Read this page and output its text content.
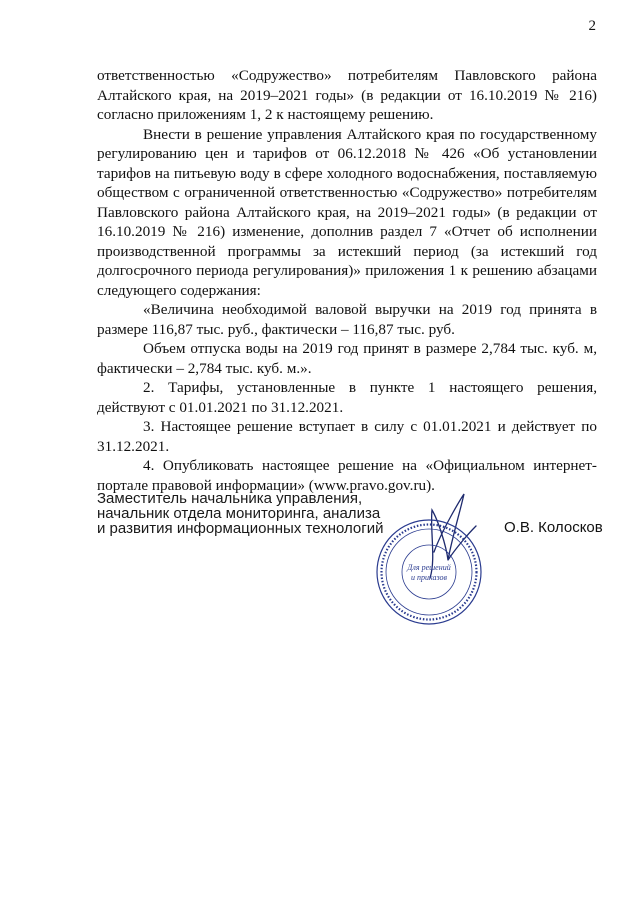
2

ответственностью «Содружество» потребителям Павловского района Алтайского края, на 2019–2021 годы» (в редакции от 16.10.2019 № 216) согласно приложениям 1, 2 к настоящему решению.

Внести в решение управления Алтайского края по государственному регулированию цен и тарифов от 06.12.2018 № 426 «Об установлении тарифов на питьевую воду в сфере холодного водоснабжения, поставляемую обществом с ограниченной ответственностью «Содружество» потребителям Павловского района Алтайского края, на 2019–2021 годы» (в редакции от 16.10.2019 № 216) изменение, дополнив раздел 7 «Отчет об исполнении производственной программы за истекший период (за истекший год долгосрочного периода регулирования)» приложения 1 к решению абзацами следующего содержания:

«Величина необходимой валовой выручки на 2019 год принята в размере 116,87 тыс. руб., фактически – 116,87 тыс. руб.

Объем отпуска воды на 2019 год принят в размере 2,784 тыс. куб. м, фактически – 2,784 тыс. куб. м.».

2. Тарифы, установленные в пункте 1 настоящего решения, действуют с 01.01.2021 по 31.12.2021.

3. Настоящее решение вступает в силу с 01.01.2021 и действует по 31.12.2021.

4. Опубликовать настоящее решение на «Официальном интернет-портале правовой информации» (www.pravo.gov.ru).

Заместитель начальника управления,
начальник отдела мониторинга, анализа
и развития информационных технологий
Для решений
и приказов
О.В. Колосков
